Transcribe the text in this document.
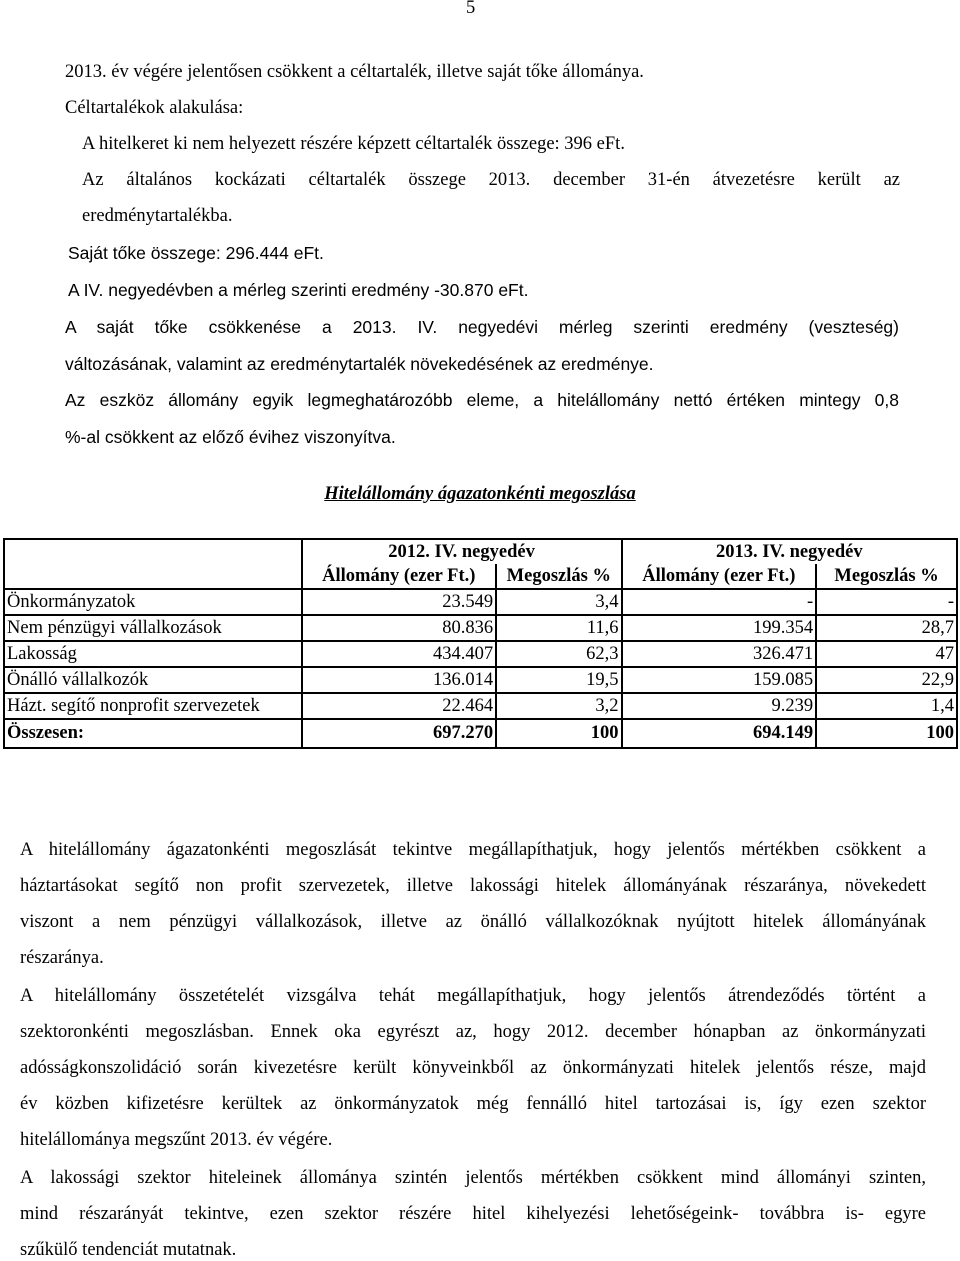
5
2013. év végére jelentősen csökkent a céltartalék, illetve saját tőke állománya.
Céltartalékok alakulása:
A hitelkeret ki nem helyezett részére képzett céltartalék összege: 396 eFt.
Az általános kockázati céltartalék összege 2013. december 31-én átvezetésre került az
eredménytartalékba.
Saját tőke összege: 296.444 eFt.
A IV. negyedévben a mérleg szerinti eredmény -30.870 eFt.
A saját tőke csökkenése a 2013. IV. negyedévi mérleg szerinti eredmény (veszteség)
változásának, valamint az eredménytartalék növekedésének az eredménye.
Az eszköz állomány egyik legmeghatározóbb eleme, a hitelállomány nettó értéken mintegy 0,8
%-al csökkent az előző évihez viszonyítva.
Hitelállomány ágazatonkénti megoszlása
	2012. IV. negyedév		2013. IV. negyedév	
	Állomány (ezer Ft.)	Megoszlás %	Állomány (ezer Ft.)	Megoszlás %
Önkormányzatok	23.549	3,4	-	-
Nem pénzügyi vállalkozások	80.836	11,6	199.354	28,7
Lakosság	434.407	62,3	326.471	47
Önálló vállalkozók	136.014	19,5	159.085	22,9
Házt. segítő nonprofit szervezetek	22.464	3,2	9.239	1,4
Összesen:	697.270	100	694.149	100
A hitelállomány ágazatonkénti megoszlását tekintve megállapíthatjuk, hogy jelentős mértékben csökkent a
háztartásokat segítő non profit szervezetek, illetve lakossági hitelek állományának részaránya, növekedett
viszont a nem pénzügyi vállalkozások, illetve az önálló vállalkozóknak nyújtott hitelek állományának
részaránya.
A hitelállomány összetételét vizsgálva tehát megállapíthatjuk, hogy jelentős átrendeződés történt a
szektoronkénti megoszlásban. Ennek oka egyrészt az, hogy 2012. december hónapban az önkormányzati
adósságkonszolidáció során kivezetésre került könyveinkből az önkormányzati hitelek jelentős része, majd
év közben kifizetésre kerültek az önkormányzatok még fennálló hitel tartozásai is, így ezen szektor
hitelállománya megszűnt 2013. év végére.
A lakossági szektor hiteleinek állománya szintén jelentős mértékben csökkent mind állományi szinten,
mind részarányát tekintve, ezen szektor részére hitel kihelyezési lehetőségeink- továbbra is- egyre
szűkülő tendenciát mutatnak.
